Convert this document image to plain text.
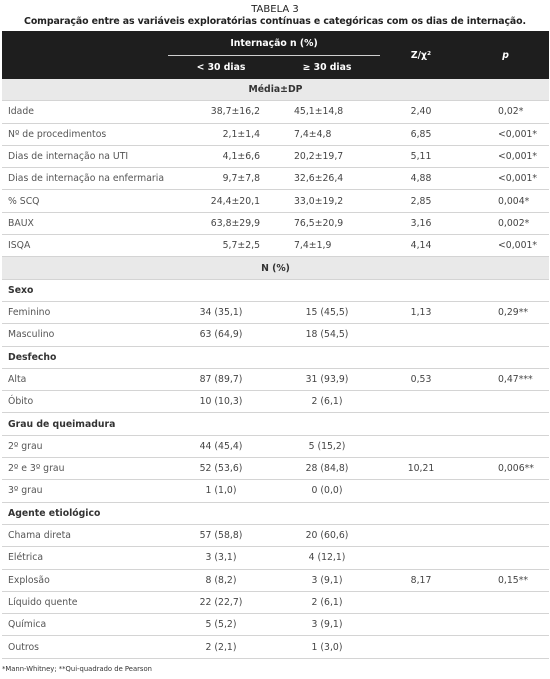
TABELA 3
Comparação entre as variáveis exploratórias contínuas e categóricas com os dias de internação.
	Internação n (%)		Z/χ²	p
	< 30 dias	≥ 30 dias		
Média±DP				
Idade	38,7±16,2	45,1±14,8	2,40	0,02*
Nº de procedimentos	2,1±1,4	7,4±4,8	6,85	<0,001*
Dias de internação na UTI	4,1±6,6	20,2±19,7	5,11	<0,001*
Dias de internação na enfermaria	9,7±7,8	32,6±26,4	4,88	<0,001*
% SCQ	24,4±20,1	33,0±19,2	2,85	0,004*
BAUX	63,8±29,9	76,5±20,9	3,16	0,002*
ISQA	5,7±2,5	7,4±1,9	4,14	<0,001*
N (%)				
Sexo				
Feminino	34 (35,1)	15 (45,5)	1,13	0,29**
Masculino	63 (64,9)	18 (54,5)		
Desfecho				
Alta	87 (89,7)	31 (93,9)	0,53	0,47***
Óbito	10 (10,3)	2 (6,1)		
Grau de queimadura				
2º grau	44 (45,4)	5 (15,2)		
2º e 3º grau	52 (53,6)	28 (84,8)	10,21	0,006**
3º grau	1 (1,0)	0 (0,0)		
Agente etiológico				
Chama direta	57 (58,8)	20 (60,6)		
Elétrica	3 (3,1)	4 (12,1)		
Explosão	8 (8,2)	3 (9,1)	8,17	0,15**
Líquido quente	22 (22,7)	2 (6,1)		
Química	5 (5,2)	3 (9,1)		
Outros	2 (2,1)	1 (3,0)		
*Mann-Whitney; **Qui-quadrado de Pearson
